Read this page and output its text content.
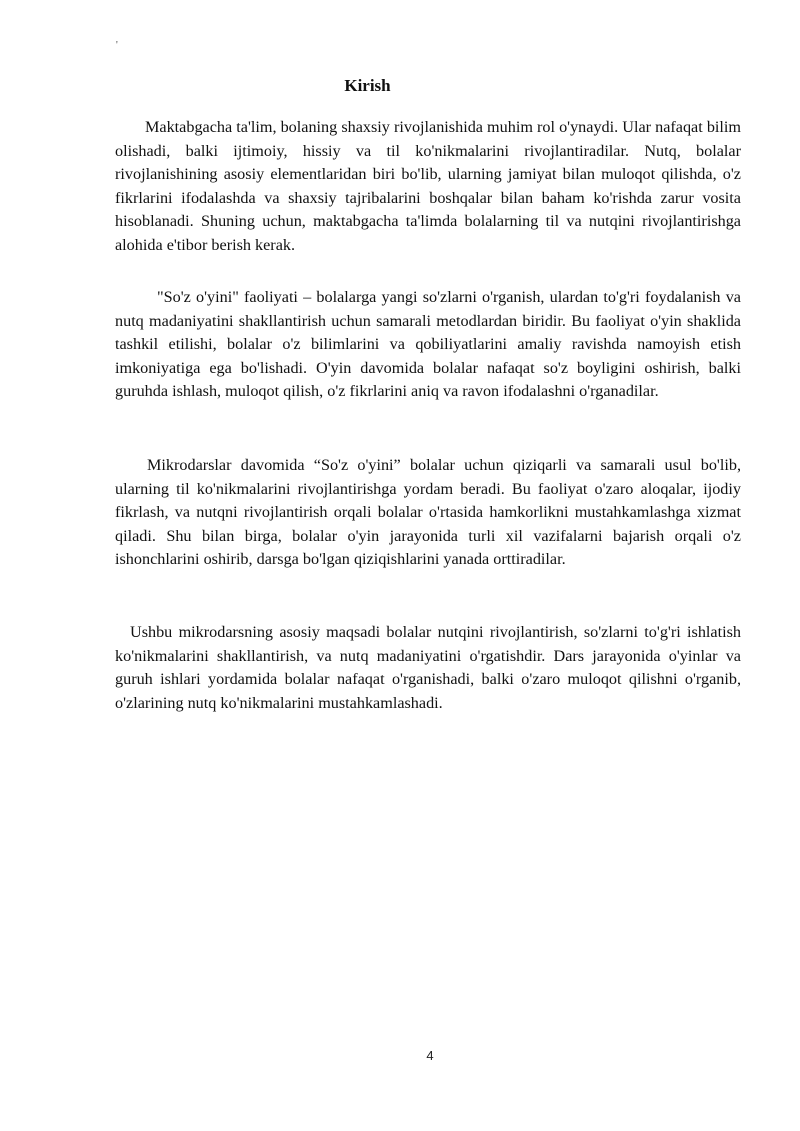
'
Kirish

Maktabgacha ta'lim, bolaning shaxsiy rivojlanishida muhim rol o'ynaydi. Ular nafaqat bilim olishadi, balki ijtimoiy, hissiy va til ko'nikmalarini rivojlantiradilar. Nutq, bolalar rivojlanishining asosiy elementlaridan biri bo'lib, ularning jamiyat bilan muloqot qilishda, o'z fikrlarini ifodalashda va shaxsiy tajribalarini boshqalar bilan baham ko'rishda zarur vosita hisoblanadi. Shuning uchun, maktabgacha ta'limda bolalarning til va nutqini rivojlantirishga alohida e'tibor berish kerak.

"So'z o'yini" faoliyati – bolalarga yangi so'zlarni o'rganish, ulardan to'g'ri foydalanish va nutq madaniyatini shakllantirish uchun samarali metodlardan biridir. Bu faoliyat o'yin shaklida tashkil etilishi, bolalar o'z bilimlarini va qobiliyatlarini amaliy ravishda namoyish etish imkoniyatiga ega bo'lishadi. O'yin davomida bolalar nafaqat so'z boyligini oshirish, balki guruhda ishlash, muloqot qilish, o'z fikrlarini aniq va ravon ifodalashni o'rganadilar.

Mikrodarslar davomida “So'z o'yini” bolalar uchun qiziqarli va samarali usul bo'lib, ularning til ko'nikmalarini rivojlantirishga yordam beradi. Bu faoliyat o'zaro aloqalar, ijodiy fikrlash, va nutqni rivojlantirish orqali bolalar o'rtasida hamkorlikni mustahkamlashga xizmat qiladi. Shu bilan birga, bolalar o'yin jarayonida turli xil vazifalarni bajarish orqali o'z ishonchlarini oshirib, darsga bo'lgan qiziqishlarini yanada orttiradilar.

Ushbu mikrodarsning asosiy maqsadi bolalar nutqini rivojlantirish, so'zlarni to'g'ri ishlatish ko'nikmalarini shakllantirish, va nutq madaniyatini o'rgatishdir. Dars jarayonida o'yinlar va guruh ishlari yordamida bolalar nafaqat o'rganishadi, balki o'zaro muloqot qilishni o'rganib, o'zlarining nutq ko'nikmalarini mustahkamlashadi.

4
